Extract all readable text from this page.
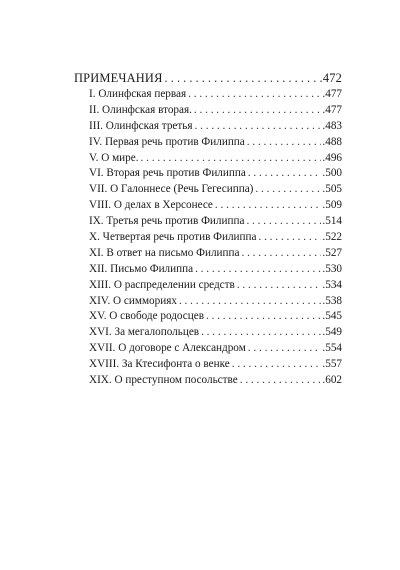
ПРИМЕЧАНИЯ . . .	.472
I. Олинфская первая . . .	.477
II. Олинфская вторая. . . .	.477
III. Олинфская третья . . .	.483
IV. Первая речь против Филиппа . . .	.488
V. О мире. . . .	.496
VI. Вторая речь против Филиппа . . .	.500
VII. О Галоннесе (Речь Гегесиппа) . . .	.505
VIII. О делах в Херсонесе . . .	.509
IX. Третья речь против Филиппа . . .	.514
X. Четвертая речь против Филиппа . . .	.522
XI. В ответ на письмо Филиппа . . .	.527
XII. Письмо Филиппа . . .	.530
XIII. О распределении средств . . .	.534
XIV. О симмориях . . .	.538
XV. О свободе родосцев . . .	.545
XVI. За мегалопольцев . . .	.549
XVII. О договоре с Александром . . .	.554
XVIII. За Ктесифонта о венке . . .	.557
XIX. О преступном посольстве . . .	.602
